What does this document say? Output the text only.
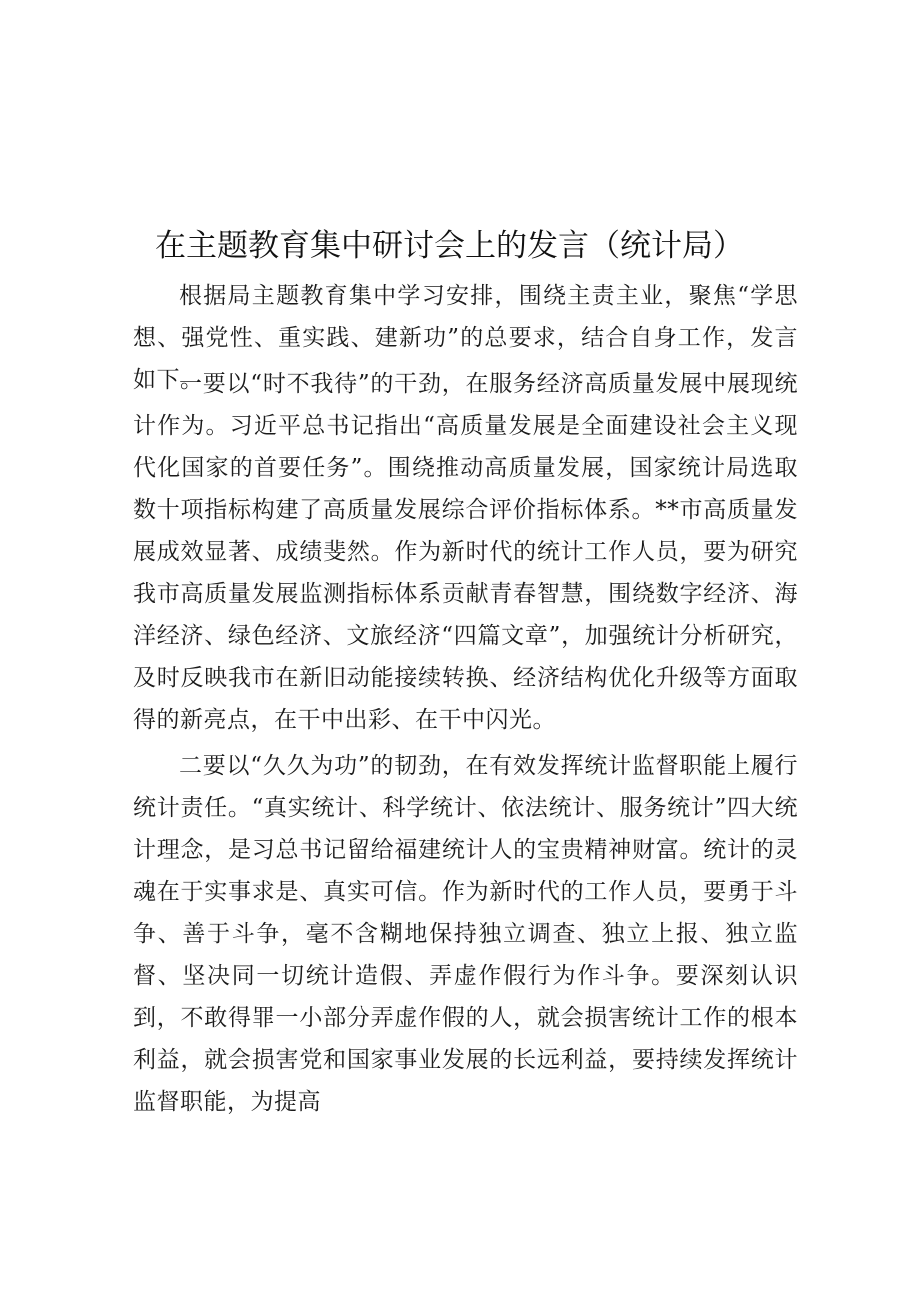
在主题教育集中研讨会上的发言（统计局）

根据局主题教育集中学习安排，围绕主责主业，聚焦“学思想、强党性、重实践、建新功”的总要求，结合自身工作，发言如下。

一要以“时不我待”的干劲，在服务经济高质量发展中展现统计作为。习近平总书记指出“高质量发展是全面建设社会主义现代化国家的首要任务”。围绕推动高质量发展，国家统计局选取数十项指标构建了高质量发展综合评价指标体系。**市高质量发展成效显著、成绩斐然。作为新时代的统计工作人员，要为研究我市高质量发展监测指标体系贡献青春智慧，围绕数字经济、海洋经济、绿色经济、文旅经济“四篇文章”，加强统计分析研究，及时反映我市在新旧动能接续转换、经济结构优化升级等方面取得的新亮点，在干中出彩、在干中闪光。

二要以“久久为功”的韧劲，在有效发挥统计监督职能上履行统计责任。“真实统计、科学统计、依法统计、服务统计”四大统计理念，是习总书记留给福建统计人的宝贵精神财富。统计的灵魂在于实事求是、真实可信。作为新时代的工作人员，要勇于斗争、善于斗争，毫不含糊地保持独立调查、独立上报、独立监督、坚决同一切统计造假、弄虚作假行为作斗争。要深刻认识到，不敢得罪一小部分弄虚作假的人，就会损害统计工作的根本利益，就会损害党和国家事业发展的长远利益，要持续发挥统计监督职能，为提高
